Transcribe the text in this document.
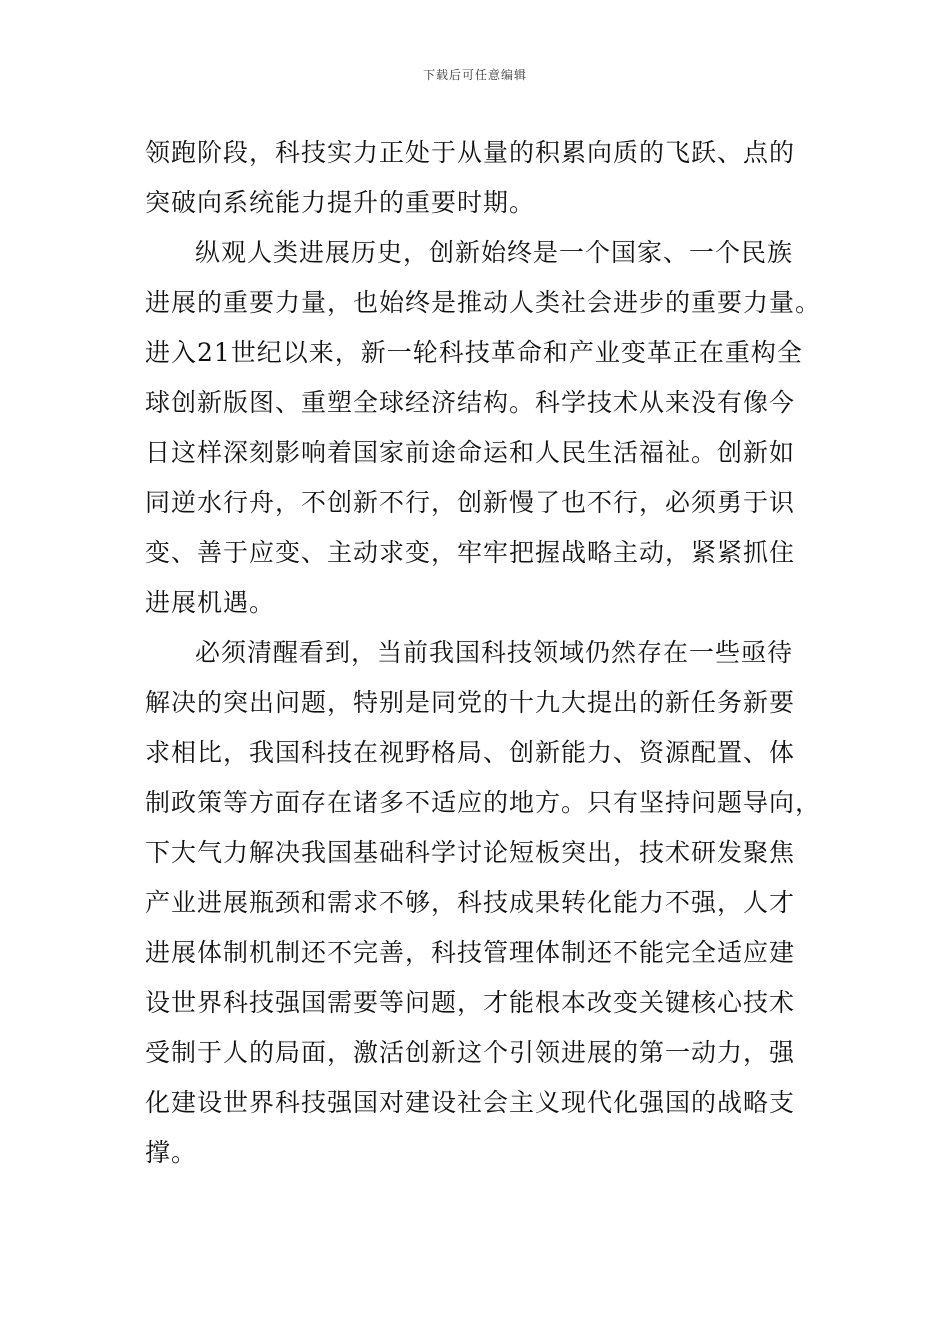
下载后可任意编辑
领跑阶段，科技实力正处于从量的积累向质的飞跃、点的
突破向系统能力提升的重要时期。
纵观人类进展历史，创新始终是一个国家、一个民族
进展的重要力量，也始终是推动人类社会进步的重要力量。
进入21世纪以来，新一轮科技革命和产业变革正在重构全
球创新版图、重塑全球经济结构。科学技术从来没有像今
日这样深刻影响着国家前途命运和人民生活福祉。创新如
同逆水行舟，不创新不行，创新慢了也不行，必须勇于识
变、善于应变、主动求变，牢牢把握战略主动，紧紧抓住
进展机遇。
必须清醒看到，当前我国科技领域仍然存在一些亟待
解决的突出问题，特别是同党的十九大提出的新任务新要
求相比，我国科技在视野格局、创新能力、资源配置、体
制政策等方面存在诸多不适应的地方。只有坚持问题导向，
下大气力解决我国基础科学讨论短板突出，技术研发聚焦
产业进展瓶颈和需求不够，科技成果转化能力不强，人才
进展体制机制还不完善，科技管理体制还不能完全适应建
设世界科技强国需要等问题，才能根本改变关键核心技术
受制于人的局面，激活创新这个引领进展的第一动力，强
化建设世界科技强国对建设社会主义现代化强国的战略支
撑。
